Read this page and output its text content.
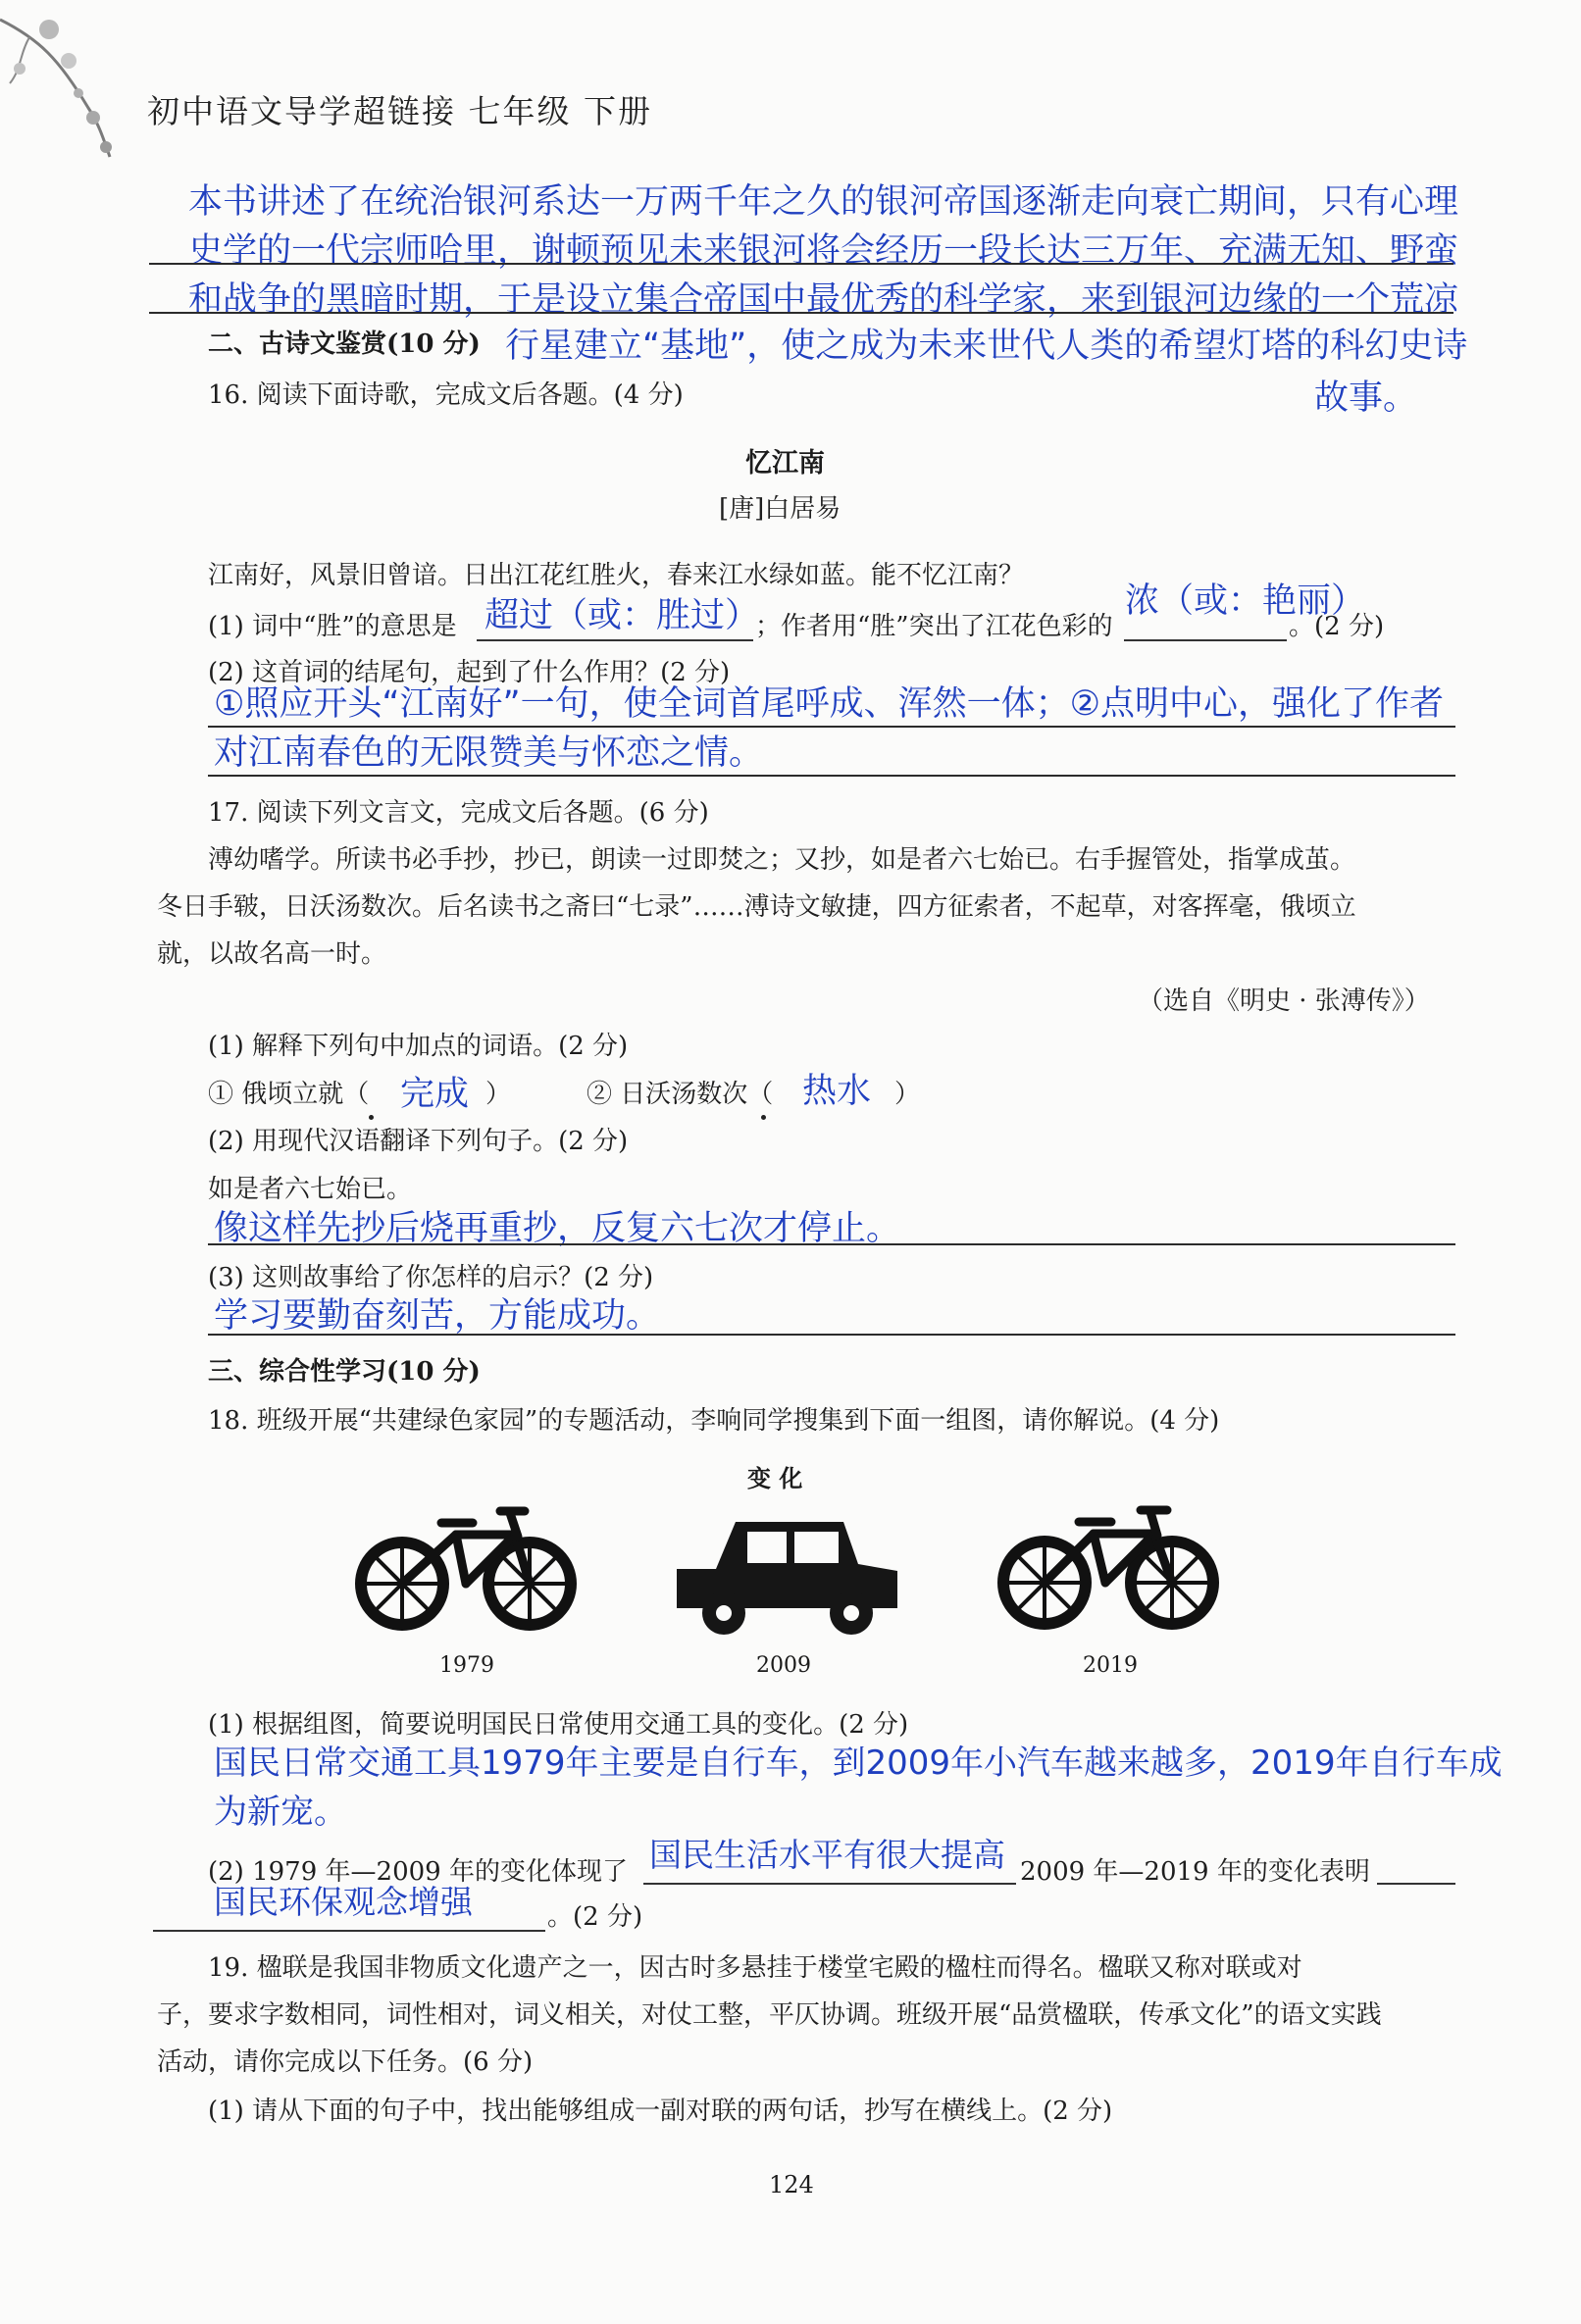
初中语文导学超链接 七年级 下册
本书讲述了在统治银河系达一万两千年之久的银河帝国逐渐走向衰亡期间，只有心理
史学的一代宗师哈里，谢顿预见未来银河将会经历一段长达三万年、充满无知、野蛮
和战争的黑暗时期，于是设立集合帝国中最优秀的科学家，来到银河边缘的一个荒凉
二、古诗文鉴赏(10 分) 行星建立“基地”，使之成为未来世代人类的希望灯塔的科幻史诗
故事。
16. 阅读下面诗歌，完成文后各题。(4 分)
忆江南
[唐]白居易
江南好，风景旧曾谙。日出江花红胜火，春来江水绿如蓝。能不忆江南？
(1) 词中“胜”的意思是 超过（或：胜过）
；作者用“胜”突出了江花色彩的
浓（或：艳丽）
。(2 分)
(2) 这首词的结尾句，起到了什么作用？(2 分)
①照应开头“江南好”一句，使全词首尾呼成、浑然一体；②点明中心，强化了作者
对江南春色的无限赞美与怀恋之情。
17. 阅读下列文言文，完成文后各题。(6 分)
溥幼嗜学。所读书必手抄，抄已，朗读一过即焚之；又抄，如是者六七始已。右手握管处，指掌成茧。
冬日手皲，日沃汤数次。后名读书之斋曰“七录”……溥诗文敏捷，四方征索者，不起草，对客挥毫，俄顷立
就，以故名高一时。
（选自《明史 · 张溥传》）
(1) 解释下列句中加点的词语。(2 分)
① 俄顷立就（ 完成 ）	② 日沃汤数次（ 热水 ）
(2) 用现代汉语翻译下列句子。(2 分)
如是者六七始已。
像这样先抄后烧再重抄，反复六七次才停止。
(3) 这则故事给了你怎样的启示？(2 分)
学习要勤奋刻苦，方能成功。
三、综合性学习(10 分)
18. 班级开展“共建绿色家园”的专题活动，李响同学搜集到下面一组图，请你解说。(4 分)
变 化
1979	2009	2019
(1) 根据组图，简要说明国民日常使用交通工具的变化。(2 分)
国民日常交通工具1979年主要是自行车，到2009年小汽车越来越多，2019年自行车成
为新宠。
(2) 1979 年—2009 年的变化体现了 国民生活水平有很大提高 2009 年—2019 年的变化表明
国民环保观念增强	。(2 分)
19. 楹联是我国非物质文化遗产之一，因古时多悬挂于楼堂宅殿的楹柱而得名。楹联又称对联或对
子，要求字数相同，词性相对，词义相关，对仗工整，平仄协调。班级开展“品赏楹联，传承文化”的语文实践
活动，请你完成以下任务。(6 分)
(1) 请从下面的句子中，找出能够组成一副对联的两句话，抄写在横线上。(2 分)
124
